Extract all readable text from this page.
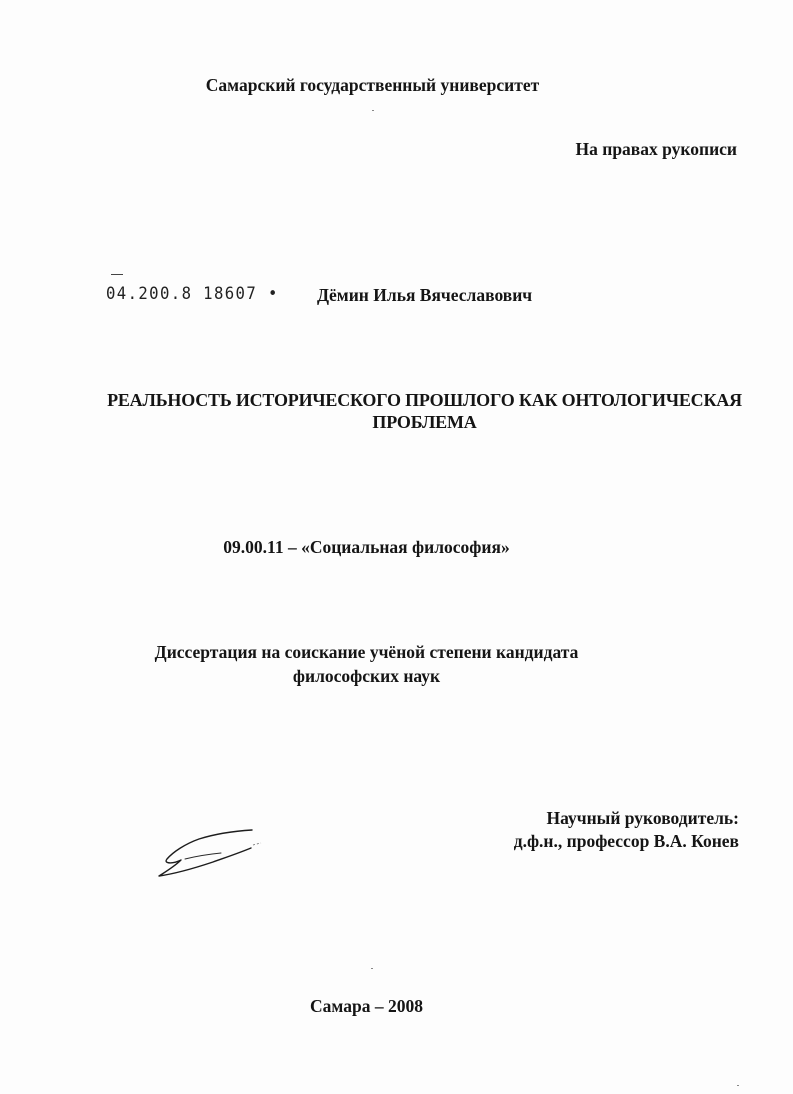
Самарский государственный университет
На правах рукописи
04.200.8 18607 • Дёмин Илья Вячеславович
РЕАЛЬНОСТЬ ИСТОРИЧЕСКОГО ПРОШЛОГО КАК ОНТОЛОГИЧЕСКАЯ
ПРОБЛЕМА
09.00.11 – «Социальная философия»
Диссертация на соискание учёной степени кандидата
философских наук
Научный руководитель:
д.ф.н., профессор В.А. Конев
Самара – 2008
